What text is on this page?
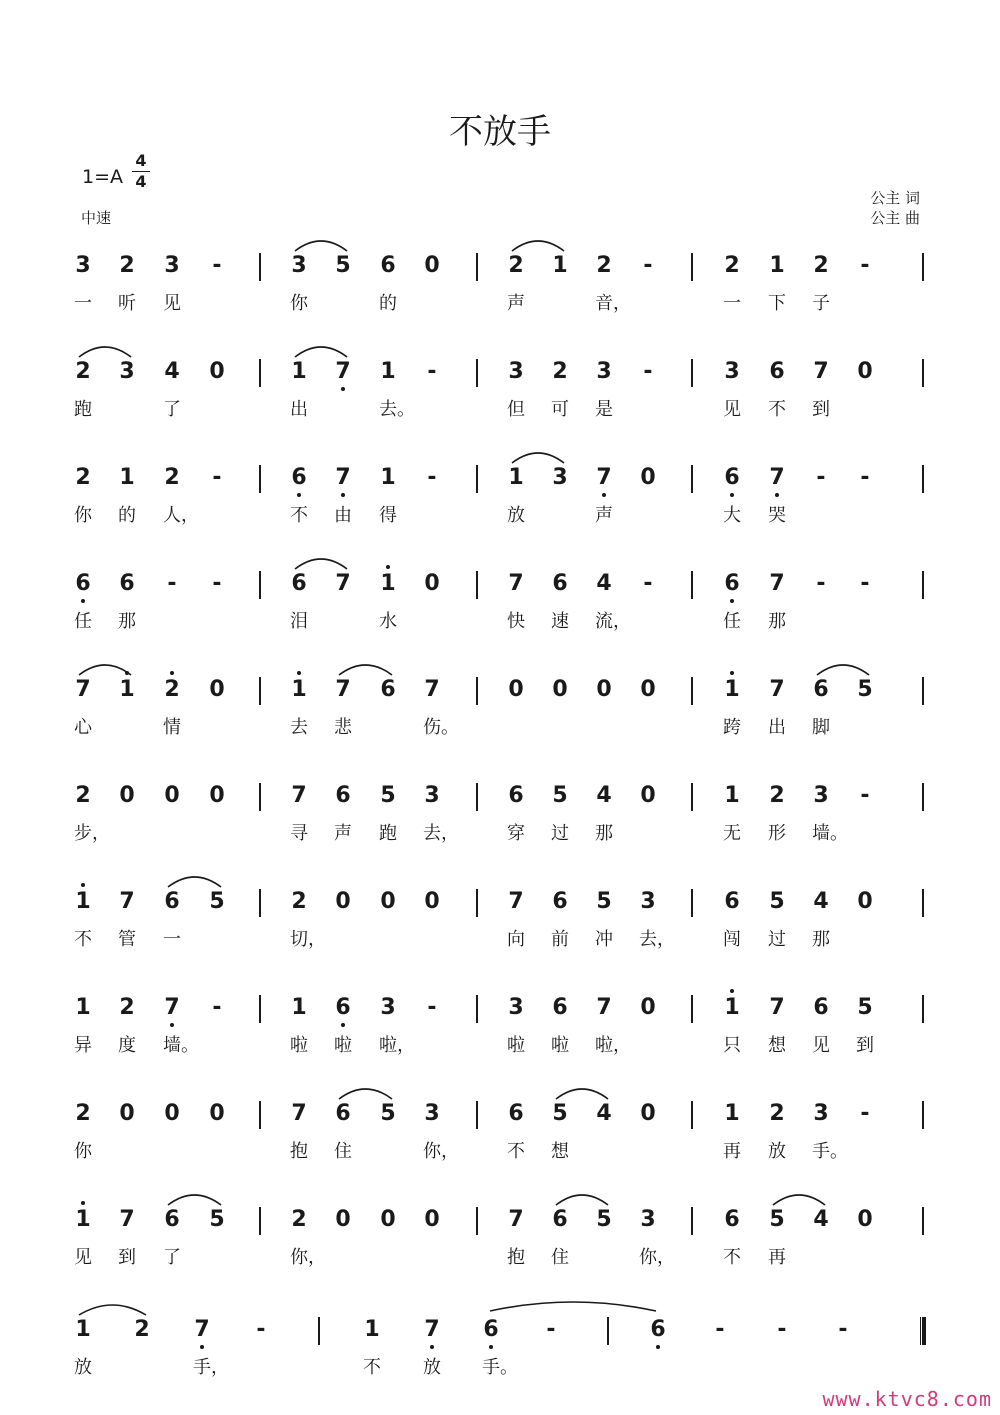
不放手
1=A
4
4
中速
公主 词
公主 曲
3
一
2
听
3
见
-	3
你
5	6
的
0	2
声
1	2
音，
-	2
一
1
下
2
子
-
2
跑
3	4
了
0	1
出
7	1
去。
-	3
但
2
可
3
是
-	3
见
6
不
7
到
0
2
你
1
的
2
人，
-	6
不
7
由
1
得
-	1
放
3	7
声
0	6
大
7
哭
-	-
6
任
6
那
-	-	6
泪
7	1
水
0	7
快
6
速
4
流，
-	6
任
7
那
-	-
7
心
1	2
情
0	1
去
7
悲
6	7
伤。
0	0	0	0	1
跨
7
出
6
脚
5
2
步，
0	0	0	7
寻
6
声
5
跑
3
去，
6
穿
5
过
4
那
0	1
无
2
形
3
墙。
-
1
不
7
管
6
一
5	2
切，
0	0	0	7
向
6
前
5
冲
3
去，
6
闯
5
过
4
那
0
1
异
2
度
7
墙。
-	1
啦
6
啦
3
啦，
-	3
啦
6
啦
7
啦，
0	1
只
7
想
6
见
5
到
2
你
0	0	0	7
抱
6
住
5	3
你，
6
不
5
想
4	0	1
再
2
放
3
手。
-
1
见
7
到
6
了
5	2
你，
0	0	0	7
抱
6
住
5	3
你，
6
不
5
再
4	0
1
放
2	7
手，
-	1
不
7
放
6
手。
-	6	-	-	-
www.ktvc8.com
